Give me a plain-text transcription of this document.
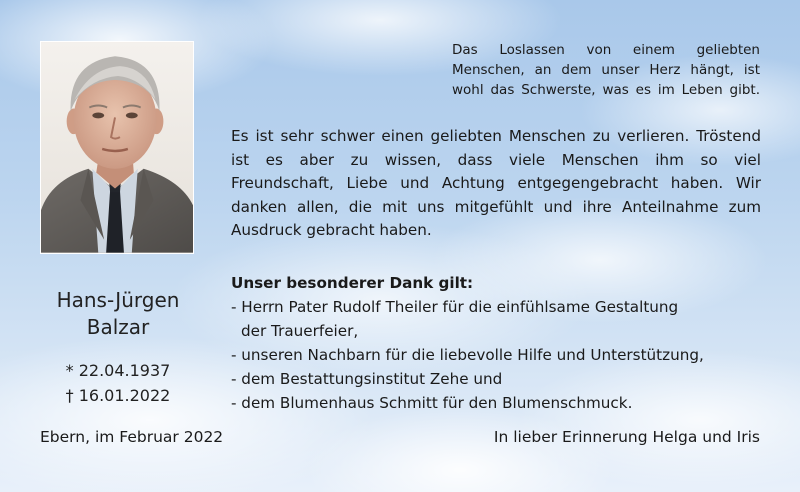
Hans-Jürgen
Balzar
* 22.04.1937
† 16.01.2022
Das Loslassen von einem geliebten
Menschen, an dem unser Herz hängt, ist
wohl das Schwerste, was es im Leben gibt.
Es ist sehr schwer einen geliebten Menschen zu verlieren. Tröstend
ist es aber zu wissen, dass viele Menschen ihm so viel
Freundschaft, Liebe und Achtung entgegengebracht haben. Wir
danken allen, die mit uns mitgefühlt und ihre Anteilnahme zum
Ausdruck gebracht haben.
Unser besonderer Dank gilt:
- Herrn Pater Rudolf Theiler für die einfühlsame Gestaltung
der Trauerfeier,
- unseren Nachbarn für die liebevolle Hilfe und Unterstützung,
- dem Bestattungsinstitut Zehe und
- dem Blumenhaus Schmitt für den Blumenschmuck.
Ebern, im Februar 2022	In lieber Erinnerung Helga und Iris
